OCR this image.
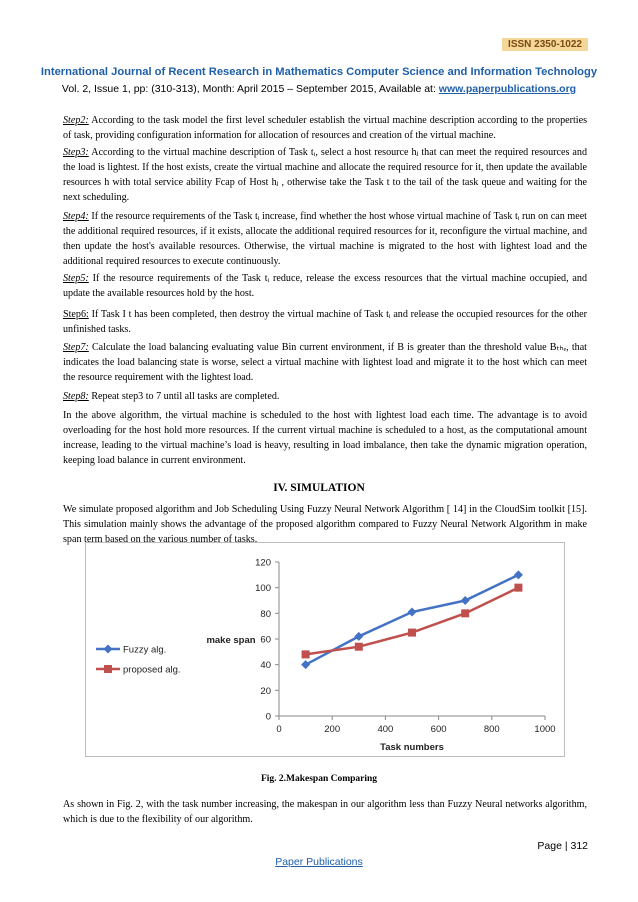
ISSN 2350-1022
International Journal of Recent Research in Mathematics Computer Science and Information Technology
Vol. 2, Issue 1, pp: (310-313), Month: April 2015 – September 2015, Available at: www.paperpublications.org

Step2: According to the task model the first level scheduler establish the virtual machine description according to the properties of task, providing configuration information for allocation of resources and creation of the virtual machine.

Step3: According to the virtual machine description of Task tᵢ, select a host resource hⱼ that can meet the required resources and the load is lightest. If the host exists, create the virtual machine and allocate the required resource for it, then update the available resources h with total service ability Fcap of Host hⱼ , otherwise take the Task t to the tail of the task queue and waiting for the next scheduling.

Step4: If the resource requirements of the Task tᵢ increase, find whether the host whose virtual machine of Task tᵢ run on can meet the additional required resources, if it exists, allocate the additional required resources for it, reconfigure the virtual machine, and then update the host's available resources. Otherwise, the virtual machine is migrated to the host with lightest load and the additional required resources to execute continuously.

Step5: If the resource requirements of the Task tᵢ reduce, release the excess resources that the virtual machine occupied, and update the available resources hold by the host.

Step6: If Task I t has been completed, then destroy the virtual machine of Task tᵢ and release the occupied resources for the other unfinished tasks.

Step7: Calculate the load balancing evaluating value Bin current environment, if B is greater than the threshold value Bₜₕₑ, that indicates the load balancing state is worse, select a virtual machine with lightest load and migrate it to the host which can meet the resource requirement with the lightest load.

Step8: Repeat step3 to 7 until all tasks are completed.

In the above algorithm, the virtual machine is scheduled to the host with lightest load each time. The advantage is to avoid overloading for the host hold more resources. If the current virtual machine is scheduled to a host, as the computational amount increase, leading to the virtual machine’s load is heavy, resulting in load imbalance, then take the dynamic migration operation, keeping load balance in current environment.

IV. SIMULATION

We simulate proposed algorithm and Job Scheduling Using Fuzzy Neural Network Algorithm [ 14] in the CloudSim toolkit [15]. This simulation mainly shows the advantage of the proposed algorithm compared to Fuzzy Neural Network Algorithm in make span term based on the various number of tasks.

0
20
40
60
80
100
120
0	200	400	600	800	1000
Task numbers
make span
Fuzzy alg.
proposed alg.
Fig. 2.Makespan Comparing

As shown in Fig. 2, with the task number increasing, the makespan in our algorithm less than Fuzzy Neural networks algorithm, which is due to the flexibility of our algorithm.

Page | 312
Paper Publications
